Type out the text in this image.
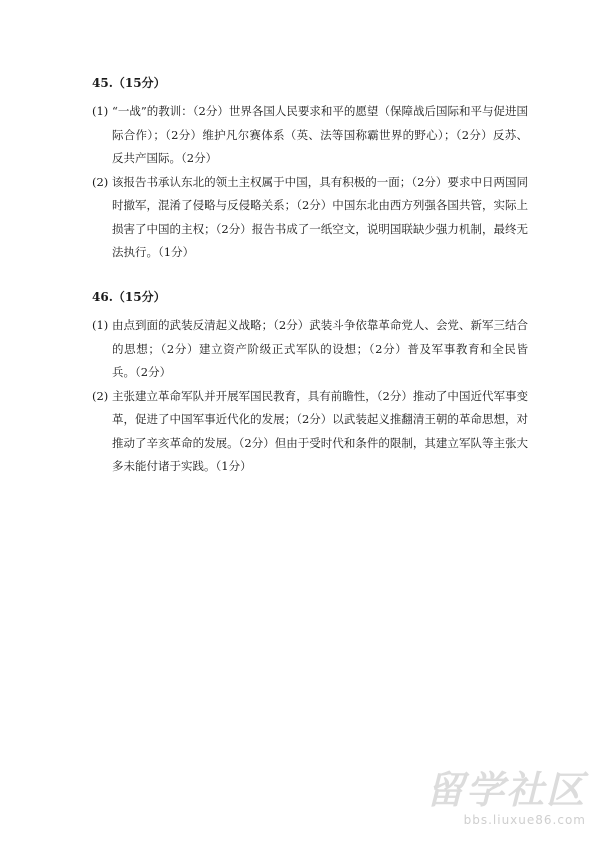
45.（15分）

(1) “一战”的教训：（2分）世界各国人民要求和平的愿望（保障战后国际和平与促进国际合作）；（2分）维护凡尔赛体系（英、法等国称霸世界的野心）；（2分）反苏、反共产国际。（2分）
(2) 该报告书承认东北的领土主权属于中国，具有积极的一面；（2分）要求中日两国同时撤军，混淆了侵略与反侵略关系；（2分）中国东北由西方列强各国共管，实际上损害了中国的主权；（2分）报告书成了一纸空文，说明国联缺少强力机制，最终无法执行。（1分）

46.（15分）

(1) 由点到面的武装反清起义战略；（2分）武装斗争依靠革命党人、会党、新军三结合的思想；（2分）建立资产阶级正式军队的设想；（2分）普及军事教育和全民皆兵。（2分）
(2) 主张建立革命军队并开展军国民教育，具有前瞻性，（2分）推动了中国近代军事变革，促进了中国军事近代化的发展；（2分）以武装起义推翻清王朝的革命思想，对推动了辛亥革命的发展。（2分）但由于受时代和条件的限制，其建立军队等主张大多未能付诸于实践。（1分）
留学社区
bbs.liuxue86.com
